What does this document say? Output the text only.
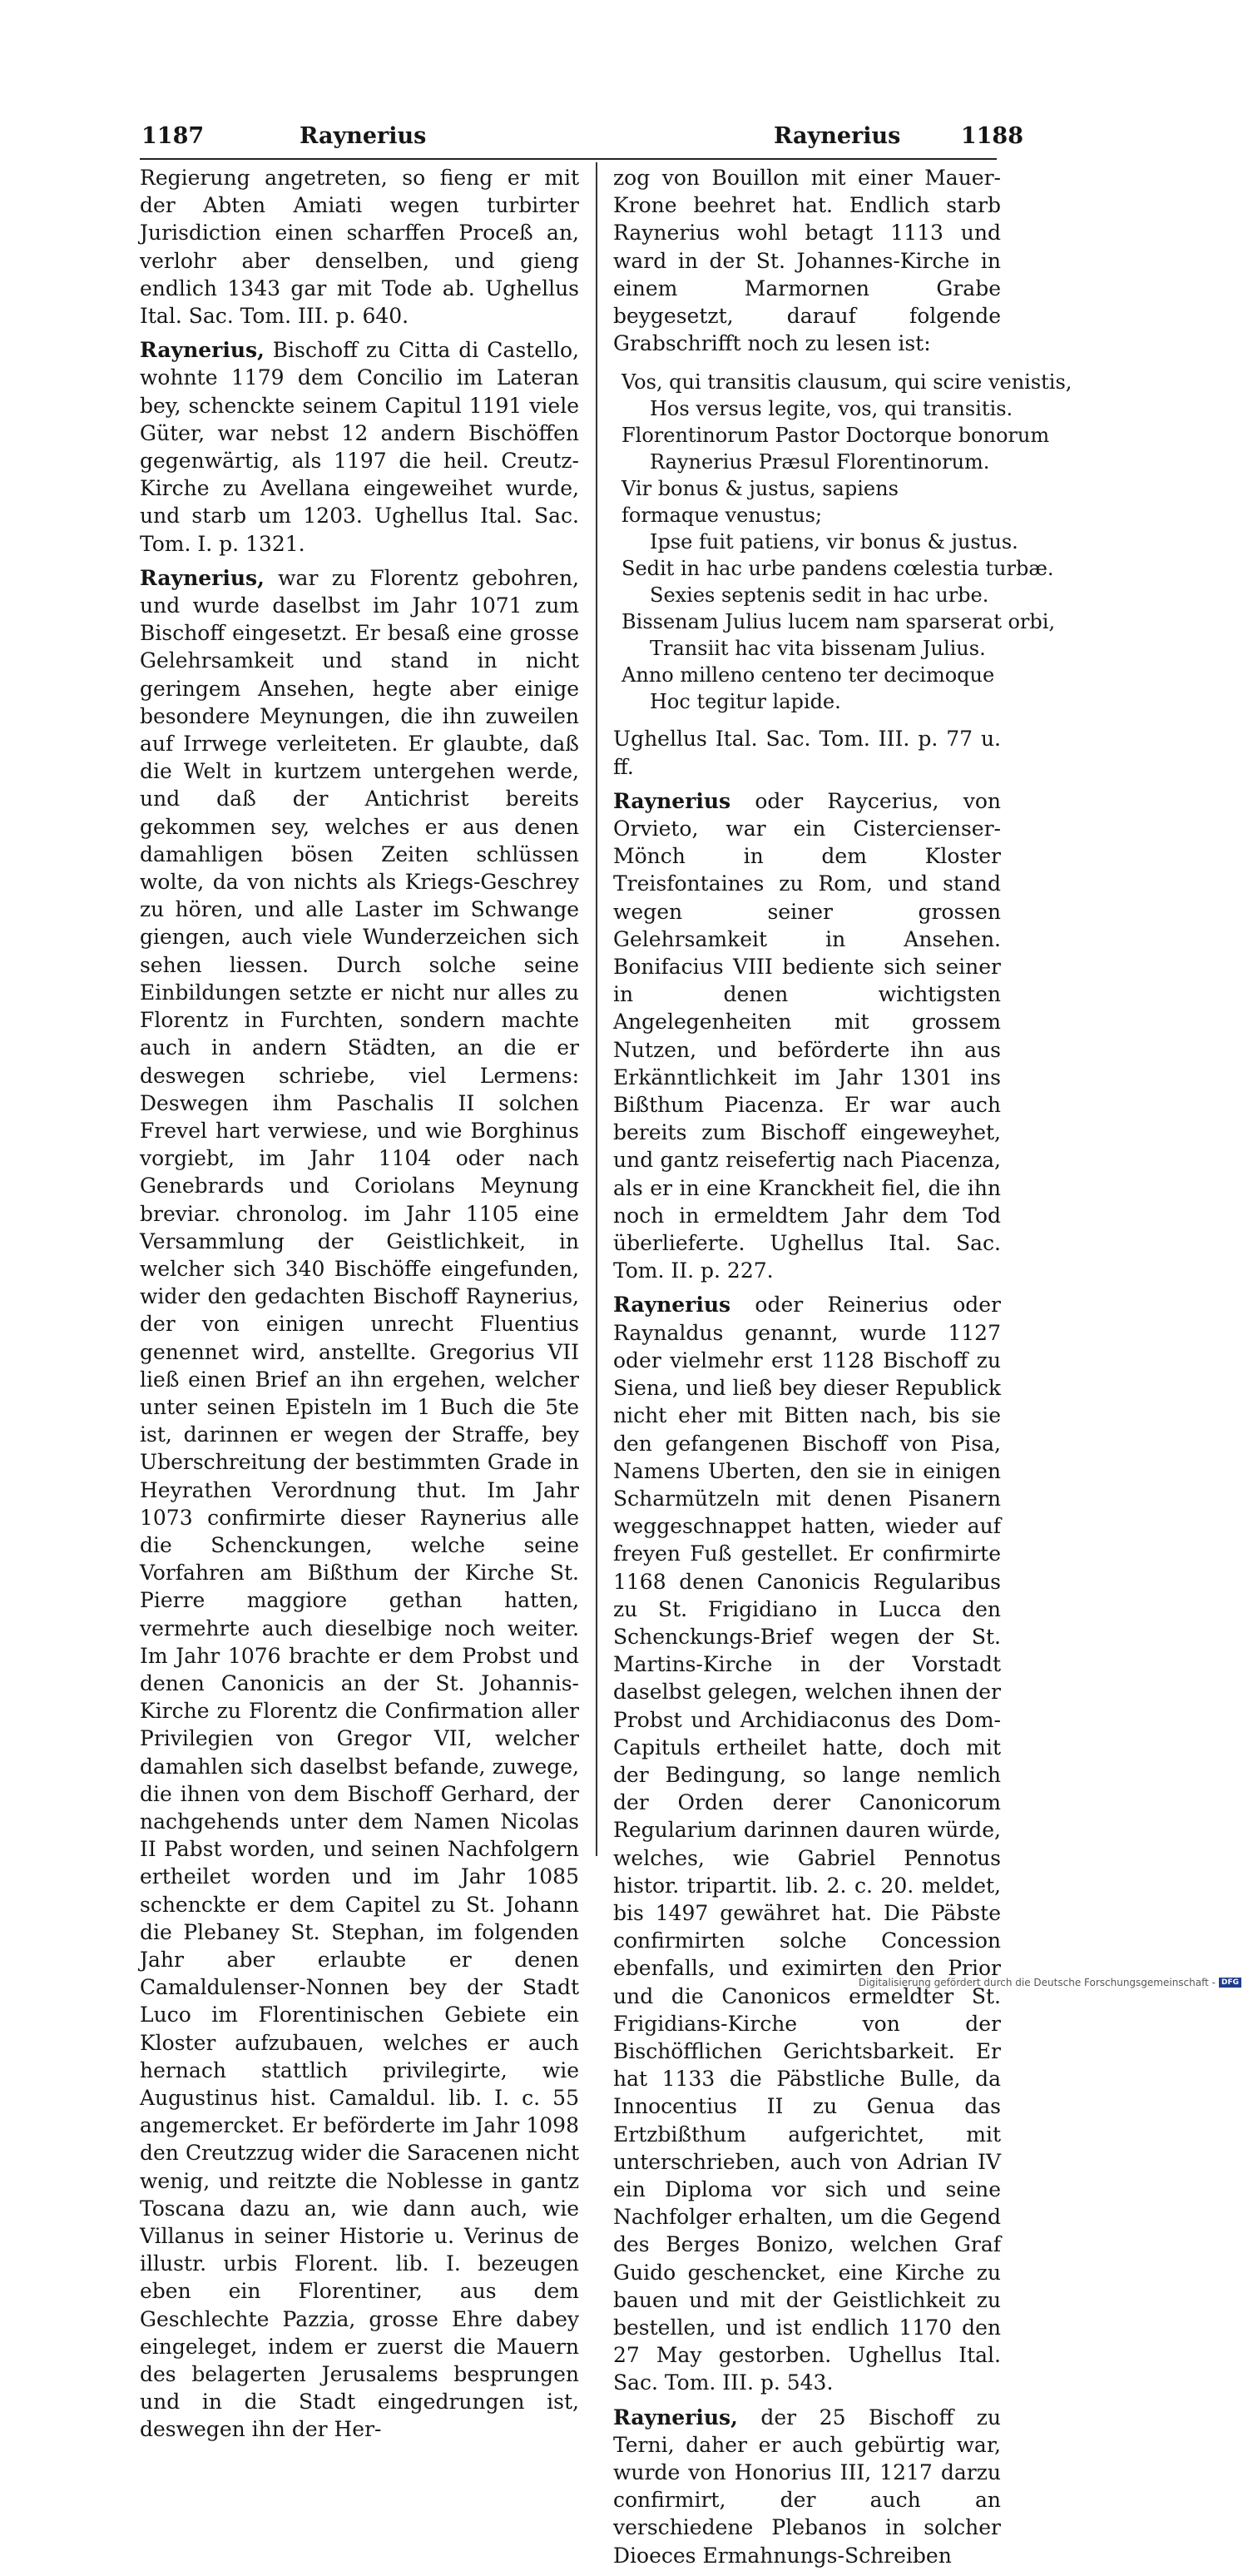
1187	Raynerius	Raynerius	1188

Regierung angetreten, so fieng er mit der Abten Amiati wegen turbirter Jurisdiction einen scharffen Proceß an, verlohr aber denselben, und gieng endlich 1343 gar mit Tode ab. Ughellus Ital. Sac. Tom. III. p. 640.

Raynerius, Bischoff zu Citta di Castello, wohnte 1179 dem Concilio im Lateran bey, schenckte seinem Capitul 1191 viele Güter, war nebst 12 andern Bischöffen gegenwärtig, als 1197 die heil. Creutz-Kirche zu Avellana eingeweihet wurde, und starb um 1203. Ughellus Ital. Sac. Tom. I. p. 1321.

Raynerius, war zu Florentz gebohren, und wurde daselbst im Jahr 1071 zum Bischoff eingesetzt. Er besaß eine grosse Gelehrsamkeit und stand in nicht geringem Ansehen, hegte aber einige besondere Meynungen, die ihn zuweilen auf Irrwege verleiteten. Er glaubte, daß die Welt in kurtzem untergehen werde, und daß der Antichrist bereits gekommen sey, welches er aus denen damahligen bösen Zeiten schlüssen wolte, da von nichts als Kriegs-Geschrey zu hören, und alle Laster im Schwange giengen, auch viele Wunderzeichen sich sehen liessen. Durch solche seine Einbildungen setzte er nicht nur alles zu Florentz in Furchten, sondern machte auch in andern Städten, an die er deswegen schriebe, viel Lermens: Deswegen ihm Paschalis II solchen Frevel hart verwiese, und wie Borghinus vorgiebt, im Jahr 1104 oder nach Genebrards und Coriolans Meynung breviar. chronolog. im Jahr 1105 eine Versammlung der Geistlichkeit, in welcher sich 340 Bischöffe eingefunden, wider den gedachten Bischoff Raynerius, der von einigen unrecht Fluentius genennet wird, anstellte. Gregorius VII ließ einen Brief an ihn ergehen, welcher unter seinen Episteln im 1 Buch die 5te ist, darinnen er wegen der Straffe, bey Uberschreitung der bestimmten Grade in Heyrathen Verordnung thut. Im Jahr 1073 confirmirte dieser Raynerius alle die Schenckungen, welche seine Vorfahren am Bißthum der Kirche St. Pierre maggiore gethan hatten, vermehrte auch dieselbige noch weiter. Im Jahr 1076 brachte er dem Probst und denen Canonicis an der St. Johannis-Kirche zu Florentz die Confirmation aller Privilegien von Gregor VII, welcher damahlen sich daselbst befande, zuwege, die ihnen von dem Bischoff Gerhard, der nachgehends unter dem Namen Nicolas II Pabst worden, und seinen Nachfolgern ertheilet worden und im Jahr 1085 schenckte er dem Capitel zu St. Johann die Plebaney St. Stephan, im folgenden Jahr aber erlaubte er denen Camaldulenser-Nonnen bey der Stadt Luco im Florentinischen Gebiete ein Kloster aufzubauen, welches er auch hernach stattlich privilegirte, wie Augustinus hist. Camaldul. lib. I. c. 55 angemercket. Er beförderte im Jahr 1098 den Creutzzug wider die Saracenen nicht wenig, und reitzte die Noblesse in gantz Toscana dazu an, wie dann auch, wie Villanus in seiner Historie u. Verinus de illustr. urbis Florent. lib. I. bezeugen eben ein Florentiner, aus dem Geschlechte Pazzia, grosse Ehre dabey eingeleget, indem er zuerst die Mauern des belagerten Jerusalems besprungen und in die Stadt eingedrungen ist, deswegen ihn der Her-

zog von Bouillon mit einer Mauer-Krone beehret hat. Endlich starb Raynerius wohl betagt 1113 und ward in der St. Johannes-Kirche in einem Marmornen Grabe beygesetzt, darauf folgende Grabschrifft noch zu lesen ist:

Vos, qui transitis clausum, qui scire venistis,
Hos versus legite, vos, qui transitis.
Florentinorum Pastor Doctorque bonorum
Raynerius Præsul Florentinorum.
Vir bonus & justus, sapiens formaque venustus;
Ipse fuit patiens, vir bonus & justus.
Sedit in hac urbe pandens cœlestia turbæ.
Sexies septenis sedit in hac urbe.
Bissenam Julius lucem nam sparserat orbi,
Transiit hac vita bissenam Julius.
Anno milleno centeno ter decimoque
Hoc tegitur lapide.

Ughellus Ital. Sac. Tom. III. p. 77 u. ff.

Raynerius oder Raycerius, von Orvieto, war ein Cistercienser-Mönch in dem Kloster Treisfontaines zu Rom, und stand wegen seiner grossen Gelehrsamkeit in Ansehen. Bonifacius VIII bediente sich seiner in denen wichtigsten Angelegenheiten mit grossem Nutzen, und beförderte ihn aus Erkänntlichkeit im Jahr 1301 ins Bißthum Piacenza. Er war auch bereits zum Bischoff eingeweyhet, und gantz reisefertig nach Piacenza, als er in eine Kranckheit fiel, die ihn noch in ermeldtem Jahr dem Tod überlieferte. Ughellus Ital. Sac. Tom. II. p. 227.

Raynerius oder Reinerius oder Raynaldus genannt, wurde 1127 oder vielmehr erst 1128 Bischoff zu Siena, und ließ bey dieser Republick nicht eher mit Bitten nach, bis sie den gefangenen Bischoff von Pisa, Namens Uberten, den sie in einigen Scharmützeln mit denen Pisanern weggeschnappet hatten, wieder auf freyen Fuß gestellet. Er confirmirte 1168 denen Canonicis Regularibus zu St. Frigidiano in Lucca den Schenckungs-Brief wegen der St. Martins-Kirche in der Vorstadt daselbst gelegen, welchen ihnen der Probst und Archidiaconus des Dom-Capituls ertheilet hatte, doch mit der Bedingung, so lange nemlich der Orden derer Canonicorum Regularium darinnen dauren würde, welches, wie Gabriel Pennotus histor. tripartit. lib. 2. c. 20. meldet, bis 1497 gewähret hat. Die Päbste confirmirten solche Concession ebenfalls, und eximirten den Prior und die Canonicos ermeldter St. Frigidians-Kirche von der Bischöfflichen Gerichtsbarkeit. Er hat 1133 die Päbstliche Bulle, da Innocentius II zu Genua das Ertzbißthum aufgerichtet, mit unterschrieben, auch von Adrian IV ein Diploma vor sich und seine Nachfolger erhalten, um die Gegend des Berges Bonizo, welchen Graf Guido geschencket, eine Kirche zu bauen und mit der Geistlichkeit zu bestellen, und ist endlich 1170 den 27 May gestorben. Ughellus Ital. Sac. Tom. III. p. 543.

Raynerius, der 25 Bischoff zu Terni, daher er auch gebürtig war, wurde von Honorius III, 1217 darzu confirmirt, der auch an verschiedene Plebanos in solcher Dioeces Ermahnungs-Schreiben

Digitalisierung gefördert durch die Deutsche Forschungsgemeinschaft - DFG
